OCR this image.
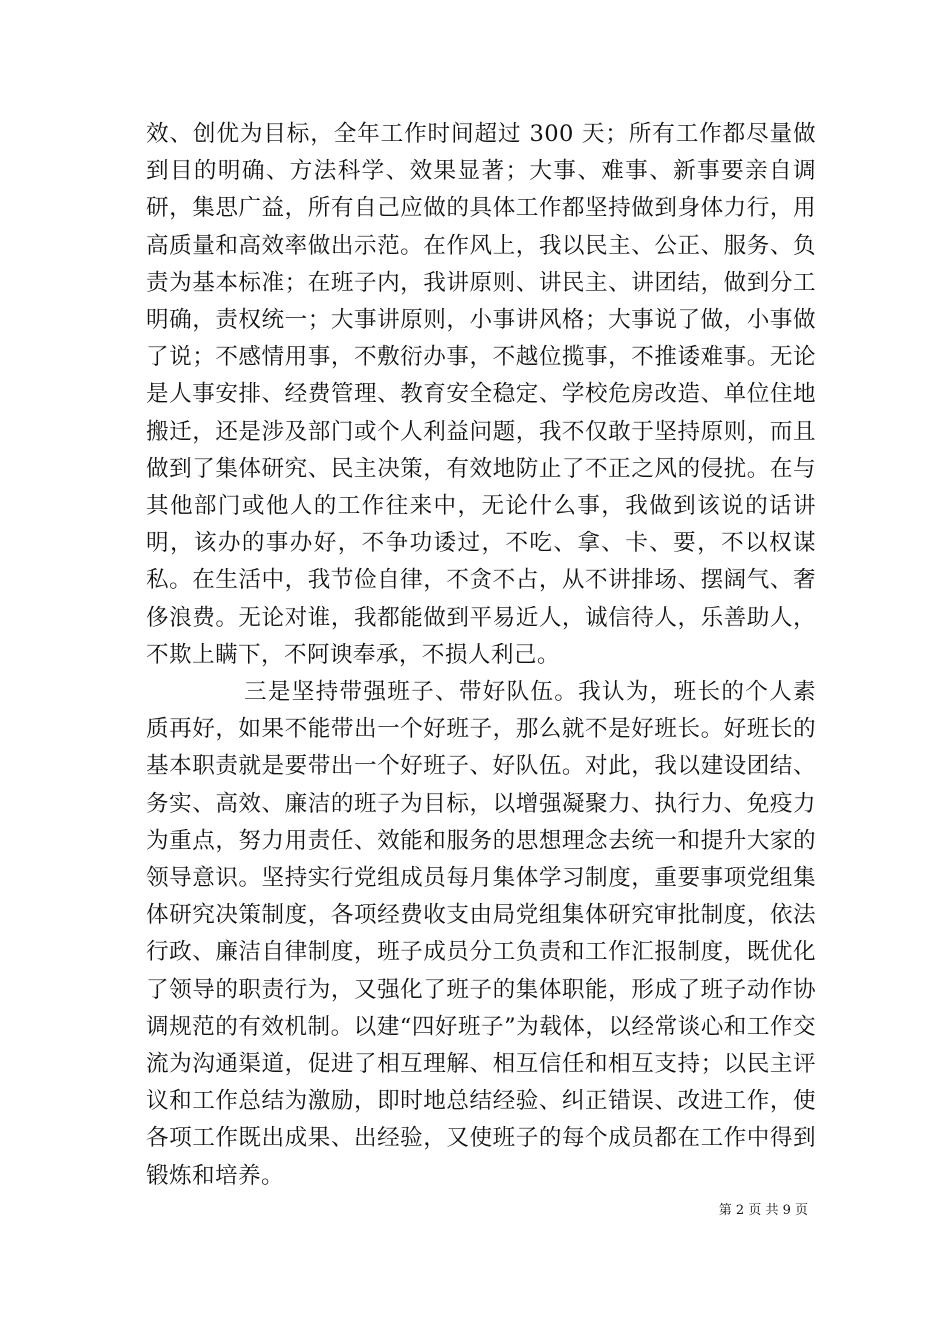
效、创优为目标，全年工作时间超过 300 天；所有工作都尽量做到目的明确、方法科学、效果显著；大事、难事、新事要亲自调研，集思广益，所有自己应做的具体工作都坚持做到身体力行，用高质量和高效率做出示范。在作风上，我以民主、公正、服务、负责为基本标准；在班子内，我讲原则、讲民主、讲团结，做到分工明确，责权统一；大事讲原则，小事讲风格；大事说了做，小事做了说；不感情用事，不敷衍办事，不越位揽事，不推诿难事。无论是人事安排、经费管理、教育安全稳定、学校危房改造、单位住地搬迁，还是涉及部门或个人利益问题，我不仅敢于坚持原则，而且做到了集体研究、民主决策，有效地防止了不正之风的侵扰。在与其他部门或他人的工作往来中，无论什么事，我做到该说的话讲明，该办的事办好，不争功诿过，不吃、拿、卡、要，不以权谋私。在生活中，我节俭自律，不贪不占，从不讲排场、摆阔气、奢侈浪费。无论对谁，我都能做到平易近人，诚信待人，乐善助人，不欺上瞒下，不阿谀奉承，不损人利己。

三是坚持带强班子、带好队伍。我认为，班长的个人素质再好，如果不能带出一个好班子，那么就不是好班长。好班长的基本职责就是要带出一个好班子、好队伍。对此，我以建设团结、务实、高效、廉洁的班子为目标，以增强凝聚力、执行力、免疫力为重点，努力用责任、效能和服务的思想理念去统一和提升大家的领导意识。坚持实行党组成员每月集体学习制度，重要事项党组集体研究决策制度，各项经费收支由局党组集体研究审批制度，依法行政、廉洁自律制度，班子成员分工负责和工作汇报制度，既优化了领导的职责行为，又强化了班子的集体职能，形成了班子动作协调规范的有效机制。以建“四好班子”为载体，以经常谈心和工作交流为沟通渠道，促进了相互理解、相互信任和相互支持；以民主评议和工作总结为激励，即时地总结经验、纠正错误、改进工作，使各项工作既出成果、出经验，又使班子的每个成员都在工作中得到锻炼和培养。

第 2 页 共 9 页
